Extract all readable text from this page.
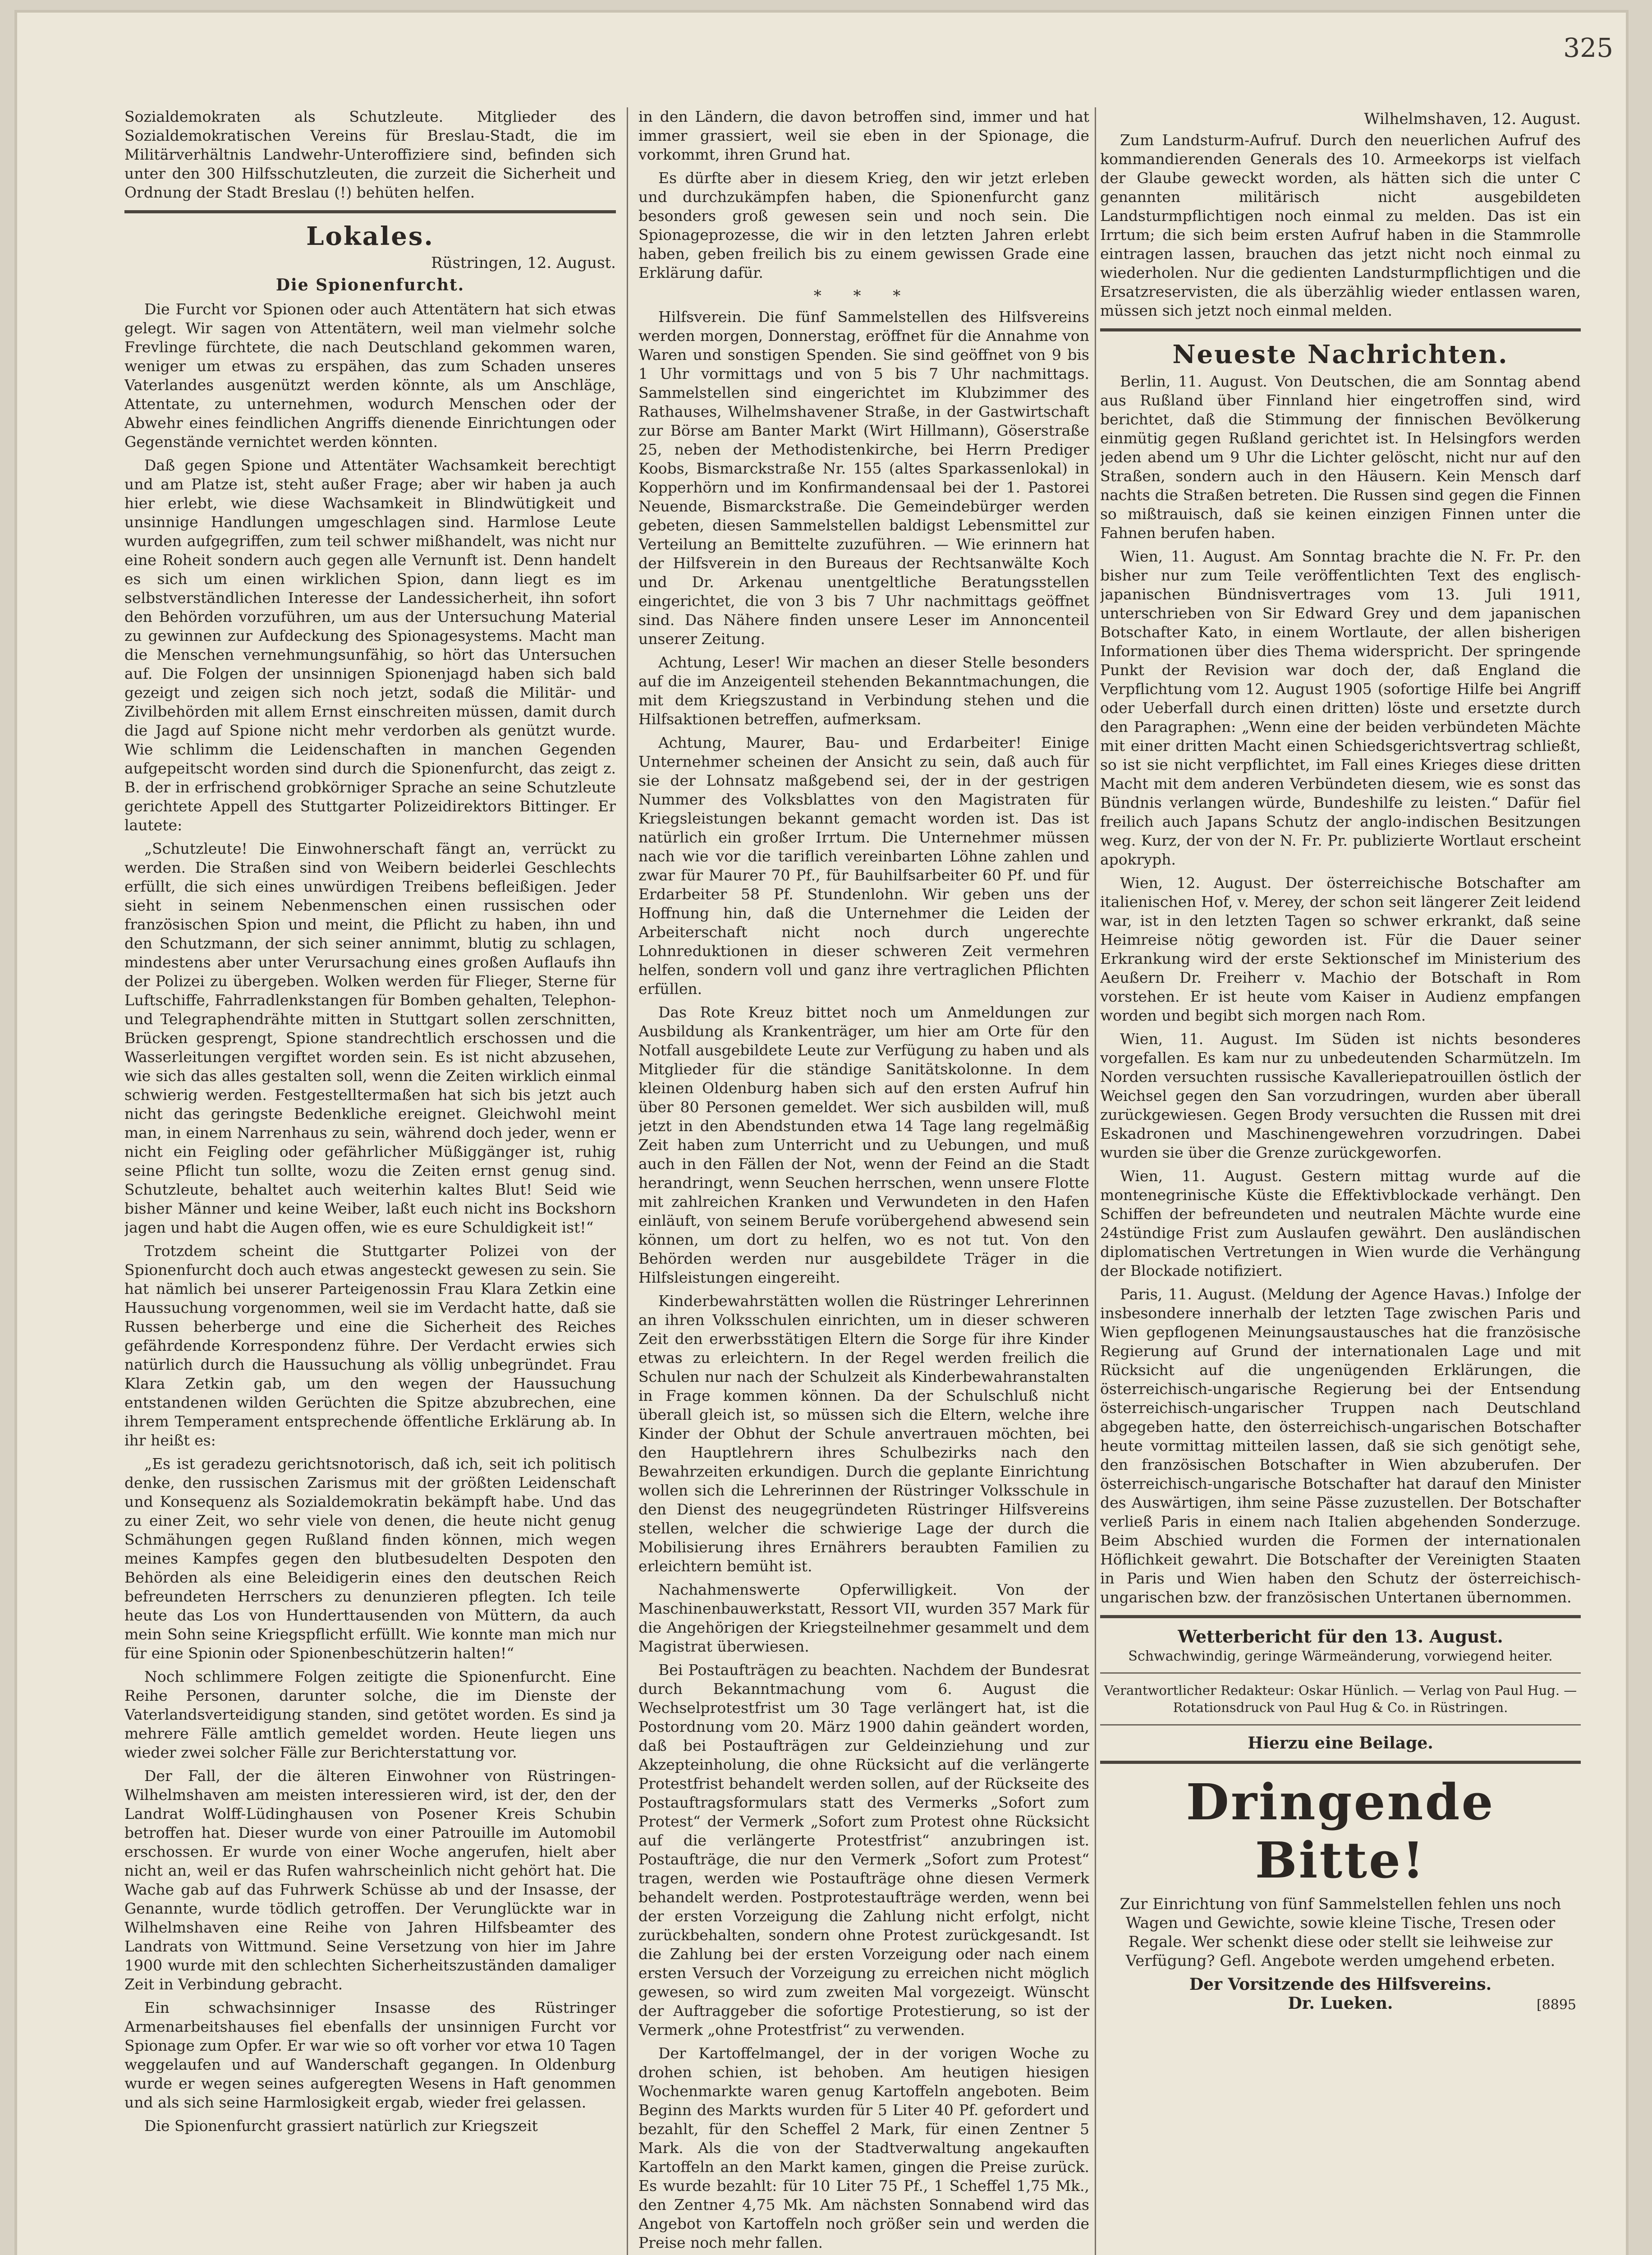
325

Sozialdemokraten als Schutzleute. Mitglieder des Sozialdemokratischen Vereins für Breslau-Stadt, die im Militärverhältnis Landwehr-Unteroffiziere sind, befinden sich unter den 300 Hilfsschutzleuten, die zurzeit die Sicherheit und Ordnung der Stadt Breslau (!) behüten helfen.

Lokales.
Rüstringen, 12. August.
Die Spionenfurcht.

Die Furcht vor Spionen oder auch Attentätern hat sich etwas gelegt. Wir sagen von Attentätern, weil man vielmehr solche Frevlinge fürchtete, die nach Deutschland gekommen waren, weniger um etwas zu erspähen, das zum Schaden unseres Vaterlandes ausgenützt werden könnte, als um Anschläge, Attentate, zu unternehmen, wodurch Menschen oder der Abwehr eines feindlichen Angriffs dienende Einrichtungen oder Gegenstände vernichtet werden könnten.

Daß gegen Spione und Attentäter Wachsamkeit berechtigt und am Platze ist, steht außer Frage; aber wir haben ja auch hier erlebt, wie diese Wachsamkeit in Blindwütigkeit und unsinnige Handlungen umgeschlagen sind. Harmlose Leute wurden aufgegriffen, zum teil schwer mißhandelt, was nicht nur eine Roheit sondern auch gegen alle Vernunft ist. Denn handelt es sich um einen wirklichen Spion, dann liegt es im selbstverständlichen Interesse der Landessicherheit, ihn sofort den Behörden vorzuführen, um aus der Untersuchung Material zu gewinnen zur Aufdeckung des Spionagesystems. Macht man die Menschen vernehmungsunfähig, so hört das Untersuchen auf. Die Folgen der unsinnigen Spionenjagd haben sich bald gezeigt und zeigen sich noch jetzt, sodaß die Militär- und Zivilbehörden mit allem Ernst einschreiten müssen, damit durch die Jagd auf Spione nicht mehr verdorben als genützt wurde. Wie schlimm die Leidenschaften in manchen Gegenden aufgepeitscht worden sind durch die Spionenfurcht, das zeigt z. B. der in erfrischend grobkörniger Sprache an seine Schutzleute gerichtete Appell des Stuttgarter Polizeidirektors Bittinger. Er lautete:

„Schutzleute! Die Einwohnerschaft fängt an, verrückt zu werden. Die Straßen sind von Weibern beiderlei Geschlechts erfüllt, die sich eines unwürdigen Treibens befleißigen. Jeder sieht in seinem Nebenmenschen einen russischen oder französischen Spion und meint, die Pflicht zu haben, ihn und den Schutzmann, der sich seiner annimmt, blutig zu schlagen, mindestens aber unter Verursachung eines großen Auflaufs ihn der Polizei zu übergeben. Wolken werden für Flieger, Sterne für Luftschiffe, Fahrradlenkstangen für Bomben gehalten, Telephon- und Telegraphendrähte mitten in Stuttgart sollen zerschnitten, Brücken gesprengt, Spione standrechtlich erschossen und die Wasserleitungen vergiftet worden sein. Es ist nicht abzusehen, wie sich das alles gestalten soll, wenn die Zeiten wirklich einmal schwierig werden. Festgestelltermaßen hat sich bis jetzt auch nicht das geringste Bedenkliche ereignet. Gleichwohl meint man, in einem Narrenhaus zu sein, während doch jeder, wenn er nicht ein Feigling oder gefährlicher Müßiggänger ist, ruhig seine Pflicht tun sollte, wozu die Zeiten ernst genug sind. Schutzleute, behaltet auch weiterhin kaltes Blut! Seid wie bisher Männer und keine Weiber, laßt euch nicht ins Bockshorn jagen und habt die Augen offen, wie es eure Schuldigkeit ist!“

Trotzdem scheint die Stuttgarter Polizei von der Spionenfurcht doch auch etwas angesteckt gewesen zu sein. Sie hat nämlich bei unserer Parteigenossin Frau Klara Zetkin eine Haussuchung vorgenommen, weil sie im Verdacht hatte, daß sie Russen beherberge und eine die Sicherheit des Reiches gefährdende Korrespondenz führe. Der Verdacht erwies sich natürlich durch die Haussuchung als völlig unbegründet. Frau Klara Zetkin gab, um den wegen der Haussuchung entstandenen wilden Gerüchten die Spitze abzubrechen, eine ihrem Temperament entsprechende öffentliche Erklärung ab. In ihr heißt es:

„Es ist geradezu gerichtsnotorisch, daß ich, seit ich politisch denke, den russischen Zarismus mit der größten Leidenschaft und Konsequenz als Sozialdemokratin bekämpft habe. Und das zu einer Zeit, wo sehr viele von denen, die heute nicht genug Schmähungen gegen Rußland finden können, mich wegen meines Kampfes gegen den blutbesudelten Despoten den Behörden als eine Beleidigerin eines den deutschen Reich befreundeten Herrschers zu denunzieren pflegten. Ich teile heute das Los von Hunderttausenden von Müttern, da auch mein Sohn seine Kriegspflicht erfüllt. Wie konnte man mich nur für eine Spionin oder Spionenbeschützerin halten!“

Noch schlimmere Folgen zeitigte die Spionenfurcht. Eine Reihe Personen, darunter solche, die im Dienste der Vaterlandsverteidigung standen, sind getötet worden. Es sind ja mehrere Fälle amtlich gemeldet worden. Heute liegen uns wieder zwei solcher Fälle zur Berichterstattung vor.

Der Fall, der die älteren Einwohner von Rüstringen-Wilhelmshaven am meisten interessieren wird, ist der, den der Landrat Wolff-Lüdinghausen von Posener Kreis Schubin betroffen hat. Dieser wurde von einer Patrouille im Automobil erschossen. Er wurde von einer Woche angerufen, hielt aber nicht an, weil er das Rufen wahrscheinlich nicht gehört hat. Die Wache gab auf das Fuhrwerk Schüsse ab und der Insasse, der Genannte, wurde tödlich getroffen. Der Verunglückte war in Wilhelmshaven eine Reihe von Jahren Hilfsbeamter des Landrats von Wittmund. Seine Versetzung von hier im Jahre 1900 wurde mit den schlechten Sicherheitszuständen damaliger Zeit in Verbindung gebracht.

Ein schwachsinniger Insasse des Rüstringer Armenarbeitshauses fiel ebenfalls der unsinnigen Furcht vor Spionage zum Opfer. Er war wie so oft vorher vor etwa 10 Tagen weggelaufen und auf Wanderschaft gegangen. In Oldenburg wurde er wegen seines aufgeregten Wesens in Haft genommen und als sich seine Harmlosigkeit ergab, wieder frei gelassen.

Die Spionenfurcht grassiert natürlich zur Kriegszeit

in den Ländern, die davon betroffen sind, immer und hat immer grassiert, weil sie eben in der Spionage, die vorkommt, ihren Grund hat.

Es dürfte aber in diesem Krieg, den wir jetzt erleben und durchzukämpfen haben, die Spionenfurcht ganz besonders groß gewesen sein und noch sein. Die Spionageprozesse, die wir in den letzten Jahren erlebt haben, geben freilich bis zu einem gewissen Grade eine Erklärung dafür.

* * *

Hilfsverein. Die fünf Sammelstellen des Hilfsvereins werden morgen, Donnerstag, eröffnet für die Annahme von Waren und sonstigen Spenden. Sie sind geöffnet von 9 bis 1 Uhr vormittags und von 5 bis 7 Uhr nachmittags. Sammelstellen sind eingerichtet im Klubzimmer des Rathauses, Wilhelmshavener Straße, in der Gastwirtschaft zur Börse am Banter Markt (Wirt Hillmann), Göserstraße 25, neben der Methodistenkirche, bei Herrn Prediger Koobs, Bismarckstraße Nr. 155 (altes Sparkassenlokal) in Kopperhörn und im Konfirmandensaal bei der 1. Pastorei Neuende, Bismarckstraße. Die Gemeindebürger werden gebeten, diesen Sammelstellen baldigst Lebensmittel zur Verteilung an Bemittelte zuzuführen. — Wie erinnern hat der Hilfsverein in den Bureaus der Rechtsanwälte Koch und Dr. Arkenau unentgeltliche Beratungsstellen eingerichtet, die von 3 bis 7 Uhr nachmittags geöffnet sind. Das Nähere finden unsere Leser im Annoncenteil unserer Zeitung.

Achtung, Leser! Wir machen an dieser Stelle besonders auf die im Anzeigenteil stehenden Bekanntmachungen, die mit dem Kriegszustand in Verbindung stehen und die Hilfsaktionen betreffen, aufmerksam.

Achtung, Maurer, Bau- und Erdarbeiter! Einige Unternehmer scheinen der Ansicht zu sein, daß auch für sie der Lohnsatz maßgebend sei, der in der gestrigen Nummer des Volksblattes von den Magistraten für Kriegsleistungen bekannt gemacht worden ist. Das ist natürlich ein großer Irrtum. Die Unternehmer müssen nach wie vor die tariflich vereinbarten Löhne zahlen und zwar für Maurer 70 Pf., für Bauhilfsarbeiter 60 Pf. und für Erdarbeiter 58 Pf. Stundenlohn. Wir geben uns der Hoffnung hin, daß die Unternehmer die Leiden der Arbeiterschaft nicht noch durch ungerechte Lohnreduktionen in dieser schweren Zeit vermehren helfen, sondern voll und ganz ihre vertraglichen Pflichten erfüllen.

Das Rote Kreuz bittet noch um Anmeldungen zur Ausbildung als Krankenträger, um hier am Orte für den Notfall ausgebildete Leute zur Verfügung zu haben und als Mitglieder für die ständige Sanitätskolonne. In dem kleinen Oldenburg haben sich auf den ersten Aufruf hin über 80 Personen gemeldet. Wer sich ausbilden will, muß jetzt in den Abendstunden etwa 14 Tage lang regelmäßig Zeit haben zum Unterricht und zu Uebungen, und muß auch in den Fällen der Not, wenn der Feind an die Stadt herandringt, wenn Seuchen herrschen, wenn unsere Flotte mit zahlreichen Kranken und Verwundeten in den Hafen einläuft, von seinem Berufe vorübergehend abwesend sein können, um dort zu helfen, wo es not tut. Von den Behörden werden nur ausgebildete Träger in die Hilfsleistungen eingereiht.

Kinderbewahrstätten wollen die Rüstringer Lehrerinnen an ihren Volksschulen einrichten, um in dieser schweren Zeit den erwerbsstätigen Eltern die Sorge für ihre Kinder etwas zu erleichtern. In der Regel werden freilich die Schulen nur nach der Schulzeit als Kinderbewahranstalten in Frage kommen können. Da der Schulschluß nicht überall gleich ist, so müssen sich die Eltern, welche ihre Kinder der Obhut der Schule anvertrauen möchten, bei den Hauptlehrern ihres Schulbezirks nach den Bewahrzeiten erkundigen. Durch die geplante Einrichtung wollen sich die Lehrerinnen der Rüstringer Volksschule in den Dienst des neugegründeten Rüstringer Hilfsvereins stellen, welcher die schwierige Lage der durch die Mobilisierung ihres Ernährers beraubten Familien zu erleichtern bemüht ist.

Nachahmenswerte Opferwilligkeit. Von der Maschinenbauwerkstatt, Ressort VII, wurden 357 Mark für die Angehörigen der Kriegsteilnehmer gesammelt und dem Magistrat überwiesen.

Bei Postaufträgen zu beachten. Nachdem der Bundesrat durch Bekanntmachung vom 6. August die Wechselprotestfrist um 30 Tage verlängert hat, ist die Postordnung vom 20. März 1900 dahin geändert worden, daß bei Postaufträgen zur Geldeinziehung und zur Akzepteinholung, die ohne Rücksicht auf die verlängerte Protestfrist behandelt werden sollen, auf der Rückseite des Postauftragsformulars statt des Vermerks „Sofort zum Protest“ der Vermerk „Sofort zum Protest ohne Rücksicht auf die verlängerte Protestfrist“ anzubringen ist. Postaufträge, die nur den Vermerk „Sofort zum Protest“ tragen, werden wie Postaufträge ohne diesen Vermerk behandelt werden. Postprotestaufträge werden, wenn bei der ersten Vorzeigung die Zahlung nicht erfolgt, nicht zurückbehalten, sondern ohne Protest zurückgesandt. Ist die Zahlung bei der ersten Vorzeigung oder nach einem ersten Versuch der Vorzeigung zu erreichen nicht möglich gewesen, so wird zum zweiten Mal vorgezeigt. Wünscht der Auftraggeber die sofortige Protestierung, so ist der Vermerk „ohne Protestfrist“ zu verwenden.

Der Kartoffelmangel, der in der vorigen Woche zu drohen schien, ist behoben. Am heutigen hiesigen Wochenmarkte waren genug Kartoffeln angeboten. Beim Beginn des Markts wurden für 5 Liter 40 Pf. gefordert und bezahlt, für den Scheffel 2 Mark, für einen Zentner 5 Mark. Als die von der Stadtverwaltung angekauften Kartoffeln an den Markt kamen, gingen die Preise zurück. Es wurde bezahlt: für 10 Liter 75 Pf., 1 Scheffel 1,75 Mk., den Zentner 4,75 Mk. Am nächsten Sonnabend wird das Angebot von Kartoffeln noch größer sein und werden die Preise noch mehr fallen.

Wilhelmshaven, 12. August.

Zum Landsturm-Aufruf. Durch den neuerlichen Aufruf des kommandierenden Generals des 10. Armeekorps ist vielfach der Glaube geweckt worden, als hätten sich die unter C genannten militärisch nicht ausgebildeten Landsturmpflichtigen noch einmal zu melden. Das ist ein Irrtum; die sich beim ersten Aufruf haben in die Stammrolle eintragen lassen, brauchen das jetzt nicht noch einmal zu wiederholen. Nur die gedienten Landsturmpflichtigen und die Ersatzreservisten, die als überzählig wieder entlassen waren, müssen sich jetzt noch einmal melden.

Neueste Nachrichten.

Berlin, 11. August. Von Deutschen, die am Sonntag abend aus Rußland über Finnland hier eingetroffen sind, wird berichtet, daß die Stimmung der finnischen Bevölkerung einmütig gegen Rußland gerichtet ist. In Helsingfors werden jeden abend um 9 Uhr die Lichter gelöscht, nicht nur auf den Straßen, sondern auch in den Häusern. Kein Mensch darf nachts die Straßen betreten. Die Russen sind gegen die Finnen so mißtrauisch, daß sie keinen einzigen Finnen unter die Fahnen berufen haben.

Wien, 11. August. Am Sonntag brachte die N. Fr. Pr. den bisher nur zum Teile veröffentlichten Text des englisch-japanischen Bündnisvertrages vom 13. Juli 1911, unterschrieben von Sir Edward Grey und dem japanischen Botschafter Kato, in einem Wortlaute, der allen bisherigen Informationen über dies Thema widerspricht. Der springende Punkt der Revision war doch der, daß England die Verpflichtung vom 12. August 1905 (sofortige Hilfe bei Angriff oder Ueberfall durch einen dritten) löste und ersetzte durch den Paragraphen: „Wenn eine der beiden verbündeten Mächte mit einer dritten Macht einen Schiedsgerichtsvertrag schließt, so ist sie nicht verpflichtet, im Fall eines Krieges diese dritten Macht mit dem anderen Verbündeten diesem, wie es sonst das Bündnis verlangen würde, Bundeshilfe zu leisten.“ Dafür fiel freilich auch Japans Schutz der anglo-indischen Besitzungen weg. Kurz, der von der N. Fr. Pr. publizierte Wortlaut erscheint apokryph.

Wien, 12. August. Der österreichische Botschafter am italienischen Hof, v. Merey, der schon seit längerer Zeit leidend war, ist in den letzten Tagen so schwer erkrankt, daß seine Heimreise nötig geworden ist. Für die Dauer seiner Erkrankung wird der erste Sektionschef im Ministerium des Aeußern Dr. Freiherr v. Machio der Botschaft in Rom vorstehen. Er ist heute vom Kaiser in Audienz empfangen worden und begibt sich morgen nach Rom.

Wien, 11. August. Im Süden ist nichts besonderes vorgefallen. Es kam nur zu unbedeutenden Scharmützeln. Im Norden versuchten russische Kavalleriepatrouillen östlich der Weichsel gegen den San vorzudringen, wurden aber überall zurückgewiesen. Gegen Brody versuchten die Russen mit drei Eskadronen und Maschinengewehren vorzudringen. Dabei wurden sie über die Grenze zurückgeworfen.

Wien, 11. August. Gestern mittag wurde auf die montenegrinische Küste die Effektivblockade verhängt. Den Schiffen der befreundeten und neutralen Mächte wurde eine 24stündige Frist zum Auslaufen gewährt. Den ausländischen diplomatischen Vertretungen in Wien wurde die Verhängung der Blockade notifiziert.

Paris, 11. August. (Meldung der Agence Havas.) Infolge der insbesondere innerhalb der letzten Tage zwischen Paris und Wien gepflogenen Meinungsaustausches hat die französische Regierung auf Grund der internationalen Lage und mit Rücksicht auf die ungenügenden Erklärungen, die österreichisch-ungarische Regierung bei der Entsendung österreichisch-ungarischer Truppen nach Deutschland abgegeben hatte, den österreichisch-ungarischen Botschafter heute vormittag mitteilen lassen, daß sie sich genötigt sehe, den französischen Botschafter in Wien abzuberufen. Der österreichisch-ungarische Botschafter hat darauf den Minister des Auswärtigen, ihm seine Pässe zuzustellen. Der Botschafter verließ Paris in einem nach Italien abgehenden Sonderzuge. Beim Abschied wurden die Formen der internationalen Höflichkeit gewahrt. Die Botschafter der Vereinigten Staaten in Paris und Wien haben den Schutz der österreichisch-ungarischen bzw. der französischen Untertanen übernommen.

Wetterbericht für den 13. August.
Schwachwindig, geringe Wärmeänderung, vorwiegend heiter.
Verantwortlicher Redakteur: Oskar Hünlich. — Verlag von Paul Hug. — Rotationsdruck von Paul Hug & Co. in Rüstringen.
Hierzu eine Beilage.
Dringende Bitte!
Zur Einrichtung von fünf Sammelstellen fehlen uns noch Wagen und Gewichte, sowie kleine Tische, Tresen oder Regale. Wer schenkt diese oder stellt sie leihweise zur Verfügung? Gefl. Angebote werden umgehend erbeten.
Der Vorsitzende des Hilfsvereins.
Dr. Lueken.	[8895
